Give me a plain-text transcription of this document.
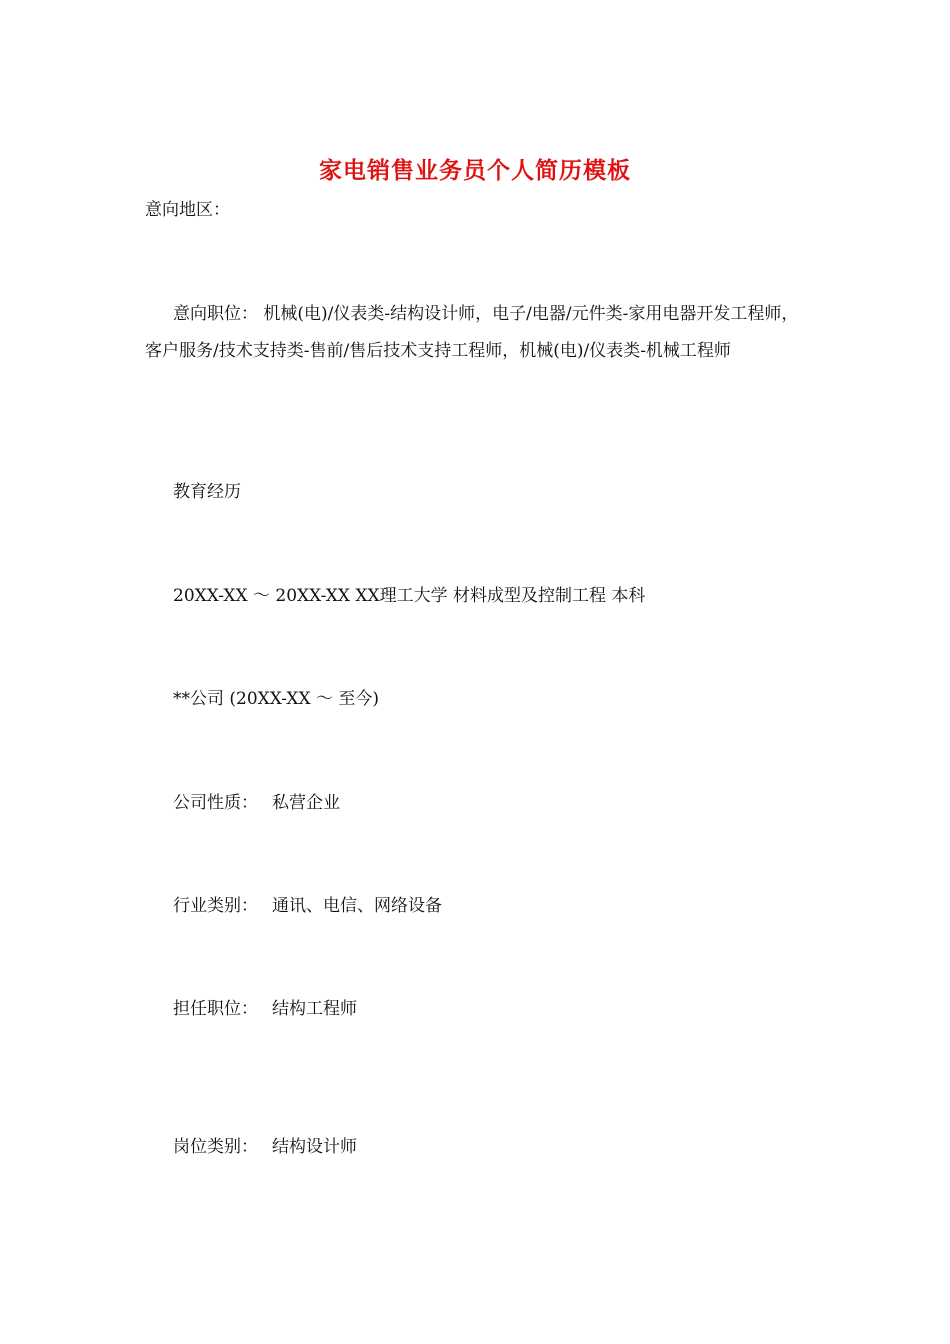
家电销售业务员个人简历模板
意向地区：
意向职位： 机械(电)/仪表类-结构设计师，电子/电器/元件类-家用电器开发工程师，客户服务/技术支持类-售前/售后技术支持工程师，机械(电)/仪表类-机械工程师
教育经历
20XX-XX ～ 20XX-XX XX理工大学 材料成型及控制工程 本科
**公司 (20XX-XX ～ 至今)
公司性质： 私营企业
行业类别： 通讯、电信、网络设备
担任职位： 结构工程师
岗位类别： 结构设计师
